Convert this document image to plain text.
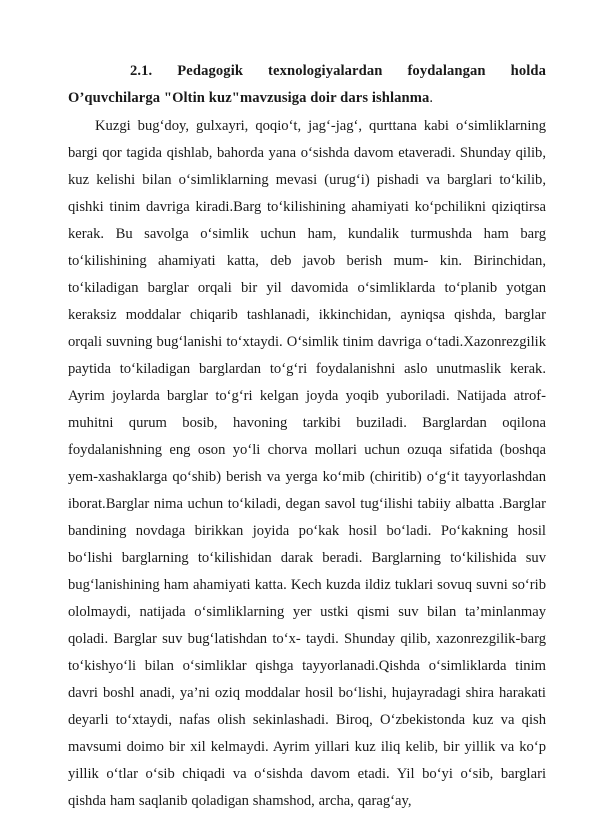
2.1. Pedagogik texnologiyalardan foydalangan holda O’quvchilarga "Oltin kuz"mavzusiga doir dars ishlanma.

Kuzgi bug‘doy, gulxayri, qoqio‘t, jag‘-jag‘, qurttana kabi o‘simliklarning bargi qor tagida qishlab, bahorda yana o‘sishda davom etaveradi. Shunday qilib, kuz kelishi bilan o‘simliklarning mevasi (urug‘i) pishadi va barglari to‘kilib, qishki tinim davriga kiradi.Barg to‘kilishining ahamiyati ko‘pchilikni qiziqtirsa kerak. Bu savolga o‘simlik uchun ham, kundalik turmushda ham barg to‘kilishining ahamiyati katta, deb javob berish mum- kin. Birinchidan, to‘kiladigan barglar orqali bir yil davomida o‘simliklarda to‘planib yotgan keraksiz moddalar chiqarib tashlanadi, ikkinchidan, ayniqsa qishda, barglar orqali suvning bug‘lanishi to‘xtaydi. O‘simlik tinim davriga o‘tadi.Xazonrezgilik paytida to‘kiladigan barglardan to‘g‘ri foydalanishni aslo unutmaslik kerak. Ayrim joylarda barglar to‘g‘ri kelgan joyda yoqib yuboriladi. Natijada atrof-muhitni qurum bosib, havoning tarkibi buziladi. Barglardan oqilona foydalanishning eng oson yo‘li chorva mollari uchun ozuqa sifatida (boshqa yem-xashaklarga qo‘shib) berish va yerga ko‘mib (chiritib) o‘g‘it tayyorlashdan iborat.Barglar nima uchun to‘kiladi, degan savol tug‘ilishi tabiiy albatta .Barglar bandining novdaga birikkan joyida po‘kak hosil bo‘ladi. Po‘kakning hosil bo‘lishi barglarning to‘kilishidan darak beradi. Barglarning to‘kilishida suv bug‘lanishining ham ahamiyati katta. Kech kuzda ildiz tuklari sovuq suvni so‘rib ololmaydi, natijada o‘simliklarning yer ustki qismi suv bilan ta’minlanmay qoladi. Barglar suv bug‘latishdan to‘x- taydi. Shunday qilib, xazonrezgilik-barg to‘kishyo‘li bilan o‘simliklar qishga tayyorlanadi.Qishda o‘simliklarda tinim davri boshl anadi, ya’ni oziq moddalar hosil bo‘lishi, hujayradagi shira harakati deyarli to‘xtaydi, nafas olish sekinlashadi. Biroq, O‘zbekistonda kuz va qish mavsumi doimo bir xil kelmaydi. Ayrim yillari kuz iliq kelib, bir yillik va ko‘p yillik o‘tlar o‘sib chiqadi va o‘sishda davom etadi. Yil bo‘yi o‘sib, barglari qishda ham saqlanib qoladigan shamshod, archa, qarag‘ay,
